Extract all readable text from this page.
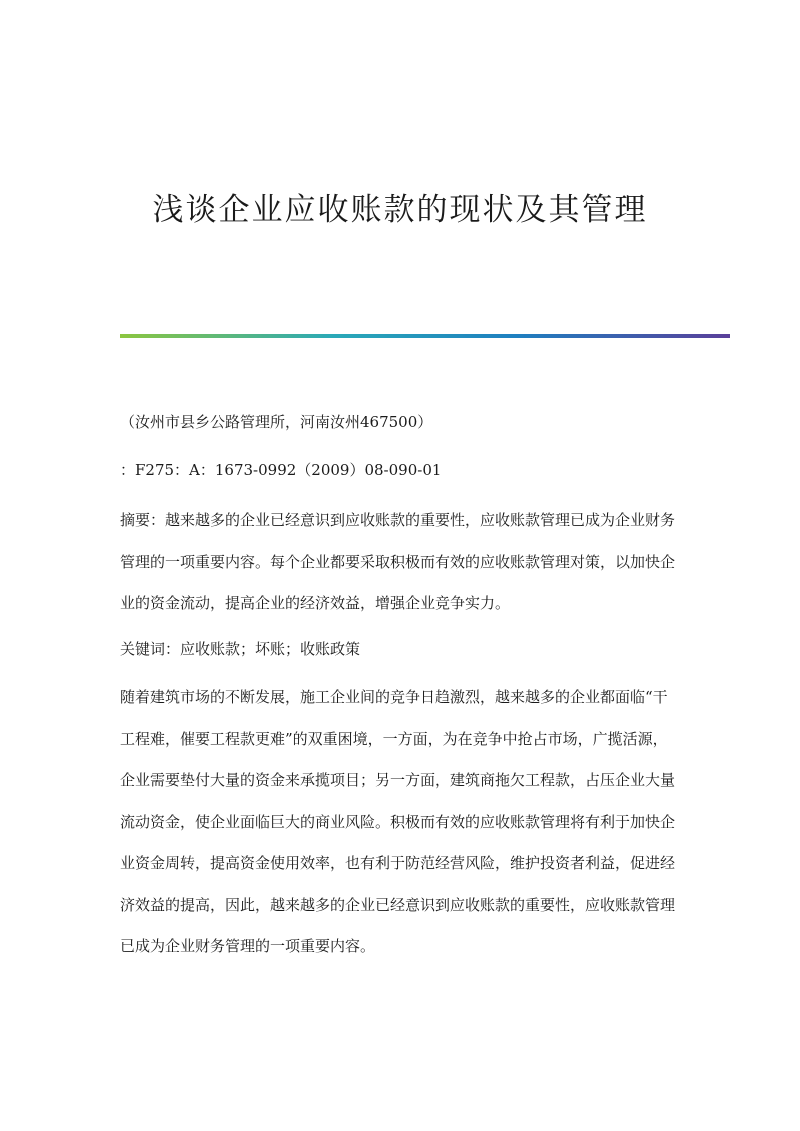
浅谈企业应收账款的现状及其管理
（汝州市县乡公路管理所，河南汝州467500）
：F275：A：1673-0992（2009）08-090-01

摘要：越来越多的企业已经意识到应收账款的重要性，应收账款管理已成为企业财务管理的一项重要内容。每个企业都要采取积极而有效的应收账款管理对策，以加快企业的资金流动，提高企业的经济效益，增强企业竞争实力。

关键词：应收账款；坏账；收账政策

随着建筑市场的不断发展，施工企业间的竞争日趋激烈，越来越多的企业都面临“干工程难，催要工程款更难”的双重困境，一方面，为在竞争中抢占市场，广揽活源，企业需要垫付大量的资金来承揽项目；另一方面，建筑商拖欠工程款，占压企业大量流动资金，使企业面临巨大的商业风险。积极而有效的应收账款管理将有利于加快企业资金周转，提高资金使用效率，也有利于防范经营风险，维护投资者利益，促进经济效益的提高，因此，越来越多的企业已经意识到应收账款的重要性，应收账款管理已成为企业财务管理的一项重要内容。
